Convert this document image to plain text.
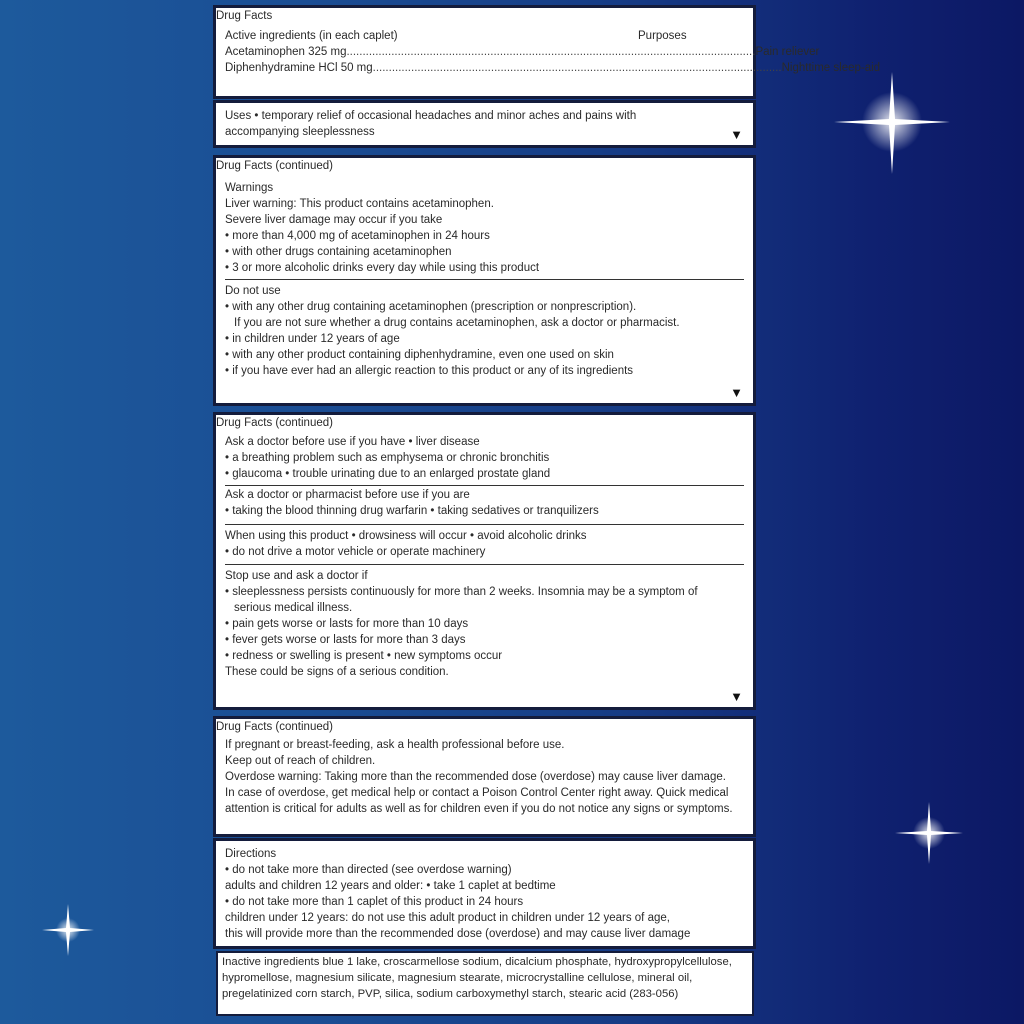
Drug Facts
Active ingredients (in each caplet)	Purposes
Acetaminophen 325 mg ................................................................................................................................ Pain reliever
Diphenhydramine HCl 50 mg ................................................................................................................................ Nighttime sleep-aid
Uses • temporary relief of occasional headaches and minor aches and pains with
accompanying sleeplessness	▼
Drug Facts (continued)
Warnings
Liver warning: This product contains acetaminophen.
Severe liver damage may occur if you take
• more than 4,000 mg of acetaminophen in 24 hours
• with other drugs containing acetaminophen
• 3 or more alcoholic drinks every day while using this product
Do not use
• with any other drug containing acetaminophen (prescription or nonprescription).
If you are not sure whether a drug contains acetaminophen, ask a doctor or pharmacist.
• in children under 12 years of age
• with any other product containing diphenhydramine, even one used on skin
• if you have ever had an allergic reaction to this product or any of its ingredients
▼
Drug Facts (continued)
Ask a doctor before use if you have • liver disease
• a breathing problem such as emphysema or chronic bronchitis
• glaucoma • trouble urinating due to an enlarged prostate gland
Ask a doctor or pharmacist before use if you are
• taking the blood thinning drug warfarin • taking sedatives or tranquilizers
When using this product • drowsiness will occur • avoid alcoholic drinks
• do not drive a motor vehicle or operate machinery
Stop use and ask a doctor if
• sleeplessness persists continuously for more than 2 weeks. Insomnia may be a symptom of
serious medical illness.
• pain gets worse or lasts for more than 10 days
• fever gets worse or lasts for more than 3 days
• redness or swelling is present • new symptoms occur
These could be signs of a serious condition.
▼
Drug Facts (continued)
If pregnant or breast-feeding, ask a health professional before use.
Keep out of reach of children.
Overdose warning: Taking more than the recommended dose (overdose) may cause liver damage.
In case of overdose, get medical help or contact a Poison Control Center right away. Quick medical
attention is critical for adults as well as for children even if you do not notice any signs or symptoms.
Directions
• do not take more than directed (see overdose warning)
adults and children 12 years and older: • take 1 caplet at bedtime
• do not take more than 1 caplet of this product in 24 hours
children under 12 years: do not use this adult product in children under 12 years of age,
this will provide more than the recommended dose (overdose) and may cause liver damage
Inactive ingredients blue 1 lake, croscarmellose sodium, dicalcium phosphate, hydroxypropylcellulose,
hypromellose, magnesium silicate, magnesium stearate, microcrystalline cellulose, mineral oil,
pregelatinized corn starch, PVP, silica, sodium carboxymethyl starch, stearic acid (283-056)
